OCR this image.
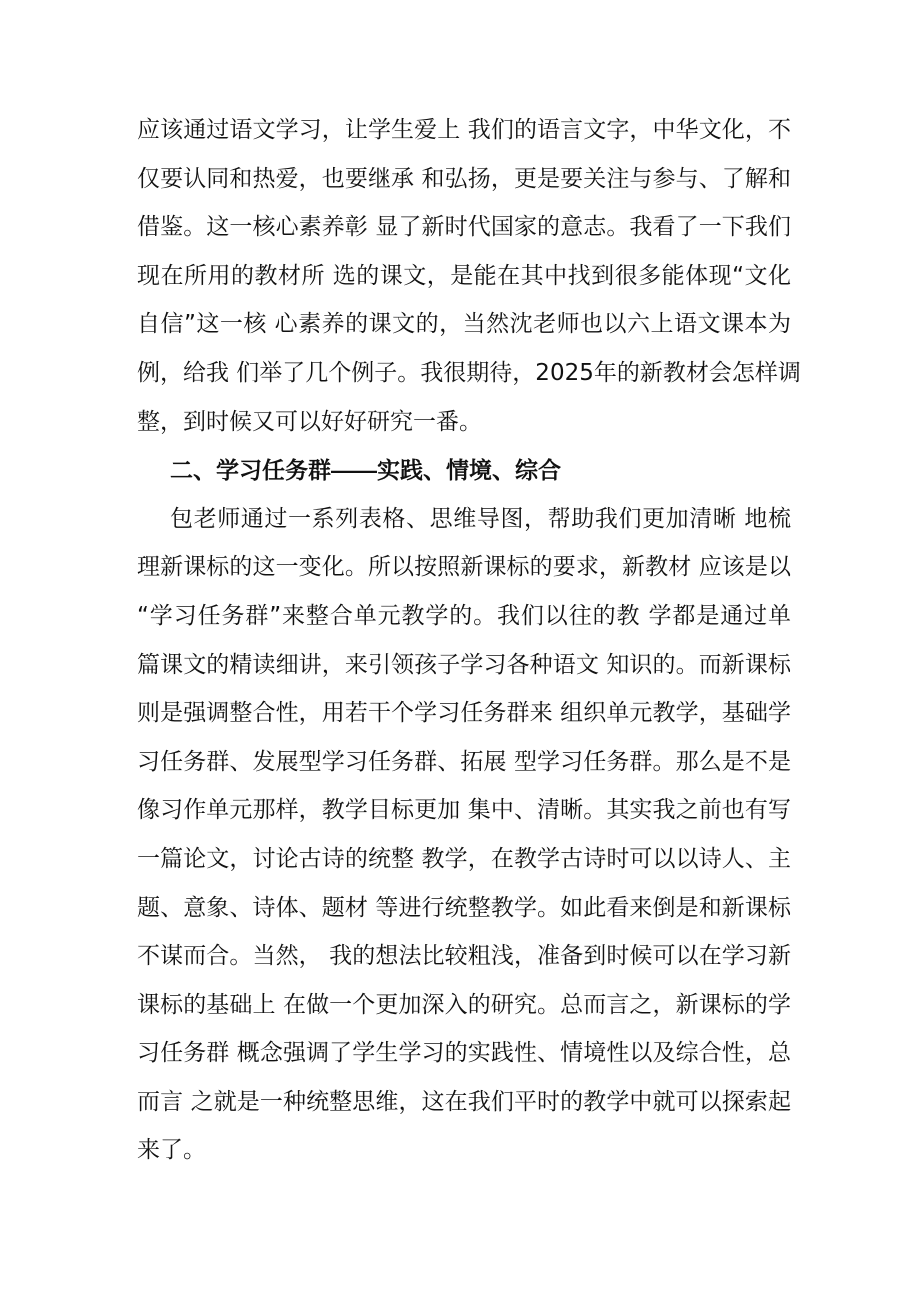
应该通过语文学习，让学生爱上 我们的语言文字，中华文化，不
仅要认同和热爱，也要继承 和弘扬，更是要关注与参与、了解和
借鉴。这一核心素养彰 显了新时代国家的意志。我看了一下我们
现在所用的教材所 选的课文，是能在其中找到很多能体现“文化
自信”这一核 心素养的课文的，当然沈老师也以六上语文课本为
例，给我 们举了几个例子。我很期待，2025年的新教材会怎样调
整，到时候又可以好好研究一番。
二、学习任务群——实践、情境、综合
包老师通过一系列表格、思维导图，帮助我们更加清晰 地梳
理新课标的这一变化。所以按照新课标的要求，新教材 应该是以
“学习任务群”来整合单元教学的。我们以往的教 学都是通过单
篇课文的精读细讲，来引领孩子学习各种语文 知识的。而新课标
则是强调整合性，用若干个学习任务群来 组织单元教学，基础学
习任务群、发展型学习任务群、拓展 型学习任务群。那么是不是
像习作单元那样，教学目标更加 集中、清晰。其实我之前也有写
一篇论文，讨论古诗的统整 教学，在教学古诗时可以以诗人、主
题、意象、诗体、题材 等进行统整教学。如此看来倒是和新课标
不谋而合。当然， 我的想法比较粗浅，准备到时候可以在学习新
课标的基础上 在做一个更加深入的研究。总而言之，新课标的学
习任务群 概念强调了学生学习的实践性、情境性以及综合性，总
而言 之就是一种统整思维，这在我们平时的教学中就可以探索起
来了。
